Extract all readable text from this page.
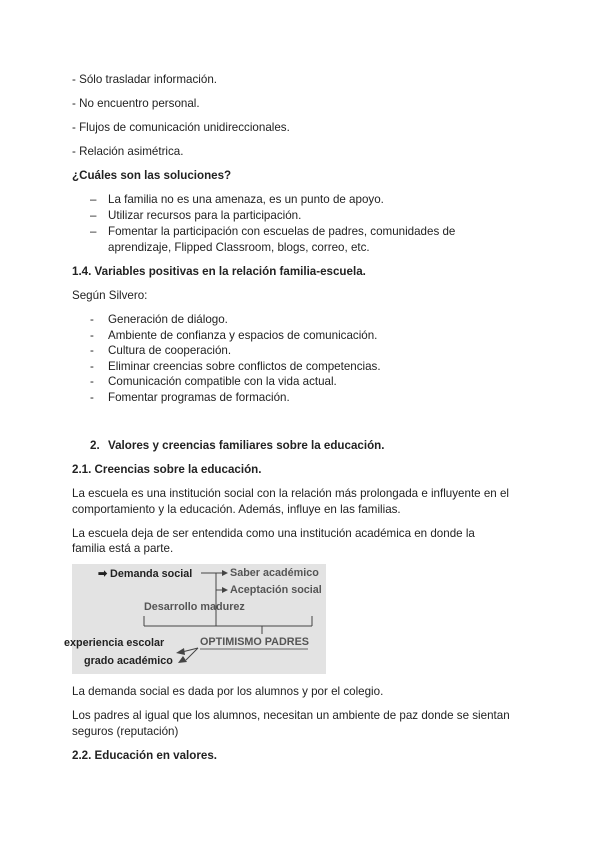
- Sólo trasladar información.
- No encuentro personal.
- Flujos de comunicación unidireccionales.
- Relación asimétrica.
¿Cuáles son las soluciones?
– La familia no es una amenaza, es un punto de apoyo.
– Utilizar recursos para la participación.
– Fomentar la participación con escuelas de padres, comunidades de
aprendizaje, Flipped Classroom, blogs, correo, etc.
1.4. Variables positivas en la relación familia-escuela.
Según Silvero:
- Generación de diálogo.
- Ambiente de confianza y espacios de comunicación.
- Cultura de cooperación.
- Eliminar creencias sobre conflictos de competencias.
- Comunicación compatible con la vida actual.
- Fomentar programas de formación.
2. Valores y creencias familiares sobre la educación.
2.1. Creencias sobre la educación.
La escuela es una institución social con la relación más prolongada e influyente en el
comportamiento y la educación. Además, influye en las familias.
La escuela deja de ser entendida como una institución académica en donde la
familia está a parte.
➡ Demanda social	Saber académico
Aceptación social
Desarrollo madurez
OPTIMISMO PADRES
experiencia escolar
grado académico
La demanda social es dada por los alumnos y por el colegio.
Los padres al igual que los alumnos, necesitan un ambiente de paz donde se sientan
seguros (reputación)
2.2. Educación en valores.
